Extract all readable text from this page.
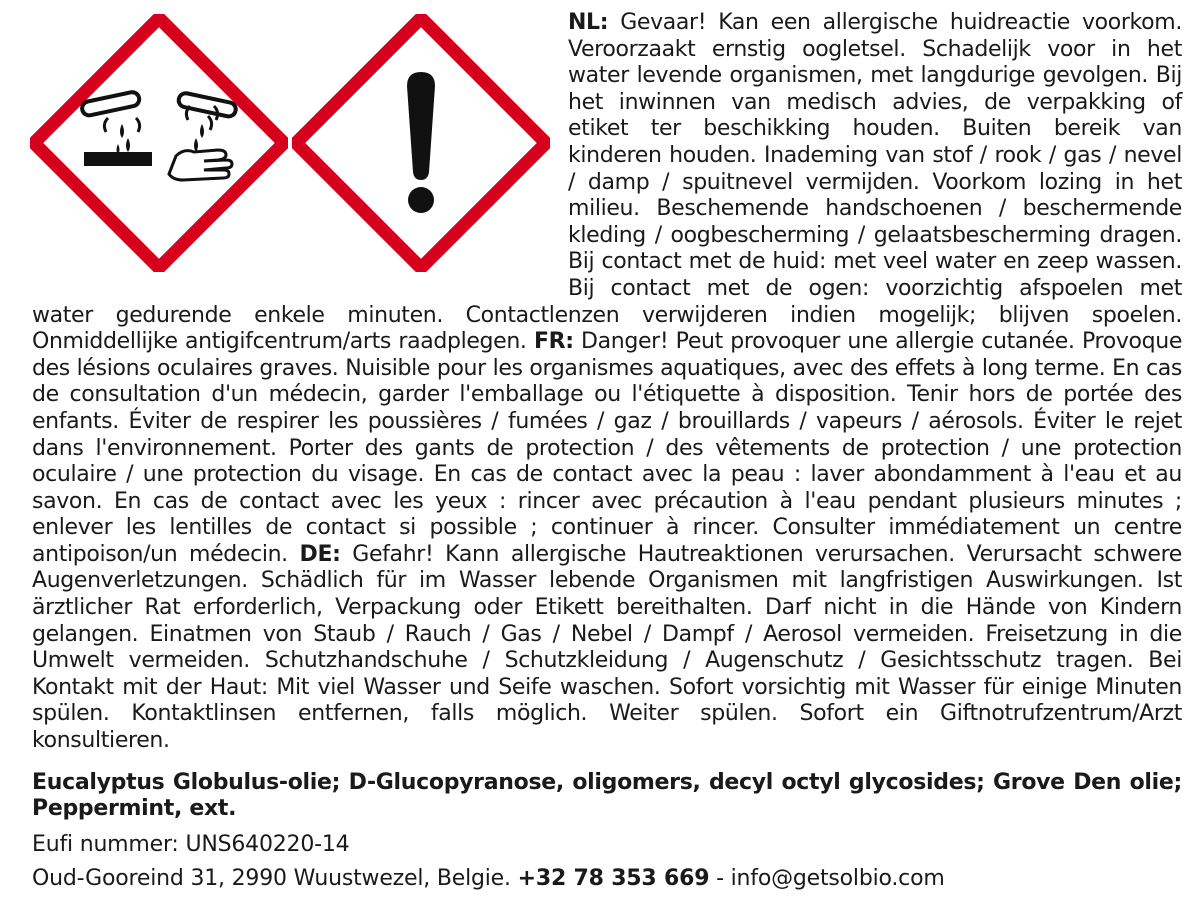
NL: Gevaar! Kan een allergische huidreactie voorkom. Veroorzaakt ernstig oogletsel. Schadelijk voor in het water levende organismen, met langdurige gevolgen. Bij het inwinnen van medisch advies, de verpakking of etiket ter beschikking houden. Buiten bereik van kinderen houden. Inademing van stof / rook / gas / nevel / damp / spuitnevel vermijden. Voorkom lozing in het milieu. Beschemende handschoenen / beschermende kleding / oogbescherming / gelaatsbescherming dragen. Bij contact met de huid: met veel water en zeep wassen. Bij contact met de ogen: voorzichtig afspoelen met water gedurende enkele minuten. Contactlenzen verwijderen indien mogelijk; blijven spoelen. Onmiddellijke antigifcentrum/arts raadplegen. FR: Danger! Peut provoquer une allergie cutanée. Provoque des lésions oculaires graves. Nuisible pour les organismes aquatiques, avec des effets à long terme. En cas de consultation d'un médecin, garder l'emballage ou l'étiquette à disposition. Tenir hors de portée des enfants. Éviter de respirer les poussières / fumées / gaz / brouillards / vapeurs / aérosols. Éviter le rejet dans l'environnement. Porter des gants de protection / des vêtements de protection / une protection oculaire / une protection du visage. En cas de contact avec la peau : laver abondamment à l'eau et au savon. En cas de contact avec les yeux : rincer avec précaution à l'eau pendant plusieurs minutes ; enlever les lentilles de contact si possible ; continuer à rincer. Consulter immédiatement un centre antipoison/un médecin. DE: Gefahr! Kann allergische Hautreaktionen verursachen. Verursacht schwere Augenverletzungen. Schädlich für im Wasser lebende Organismen mit langfristigen Auswirkungen. Ist ärztlicher Rat erforderlich, Verpackung oder Etikett bereithalten. Darf nicht in die Hände von Kindern gelangen. Einatmen von Staub / Rauch / Gas / Nebel / Dampf / Aerosol vermeiden. Freisetzung in die Umwelt vermeiden. Schutzhandschuhe / Schutzkleidung / Augenschutz / Gesichtsschutz tragen. Bei Kontakt mit der Haut: Mit viel Wasser und Seife waschen. Sofort vorsichtig mit Wasser für einige Minuten spülen. Kontaktlinsen entfernen, falls möglich. Weiter spülen. Sofort ein Giftnotrufzentrum/Arzt konsultieren.
Eucalyptus Globulus-olie; D-Glucopyranose, oligomers, decyl octyl glycosides; Grove Den olie; Peppermint, ext.
Eufi nummer: UNS640220-14
Oud-Gooreind 31, 2990 Wuustwezel, Belgie. +32 78 353 669 - info@getsolbio.com
